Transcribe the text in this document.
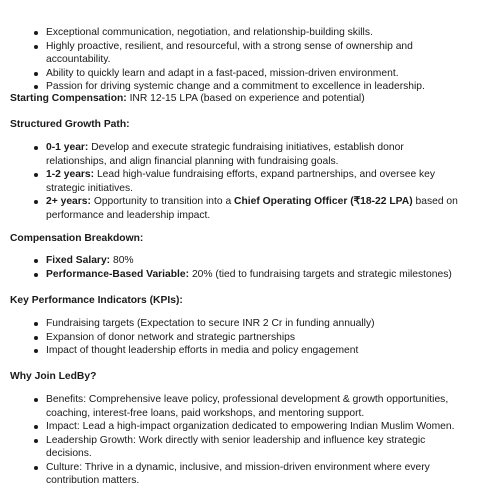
Exceptional communication, negotiation, and relationship-building skills.
Highly proactive, resilient, and resourceful, with a strong sense of ownership and accountability.
Ability to quickly learn and adapt in a fast-paced, mission-driven environment.
Passion for driving systemic change and a commitment to excellence in leadership.
Starting Compensation: INR 12-15 LPA (based on experience and potential)
Structured Growth Path:
0-1 year: Develop and execute strategic fundraising initiatives, establish donor relationships, and align financial planning with fundraising goals.
1-2 years: Lead high-value fundraising efforts, expand partnerships, and oversee key strategic initiatives.
2+ years: Opportunity to transition into a Chief Operating Officer (₹18-22 LPA) based on performance and leadership impact.
Compensation Breakdown:
Fixed Salary: 80%
Performance-Based Variable: 20% (tied to fundraising targets and strategic milestones)
Key Performance Indicators (KPIs):
Fundraising targets (Expectation to secure INR 2 Cr in funding annually)
Expansion of donor network and strategic partnerships
Impact of thought leadership efforts in media and policy engagement
Why Join LedBy?
Benefits: Comprehensive leave policy, professional development & growth opportunities, coaching, interest-free loans, paid workshops, and mentoring support.
Impact: Lead a high-impact organization dedicated to empowering Indian Muslim Women.
Leadership Growth: Work directly with senior leadership and influence key strategic decisions.
Culture: Thrive in a dynamic, inclusive, and mission-driven environment where every contribution matters.
